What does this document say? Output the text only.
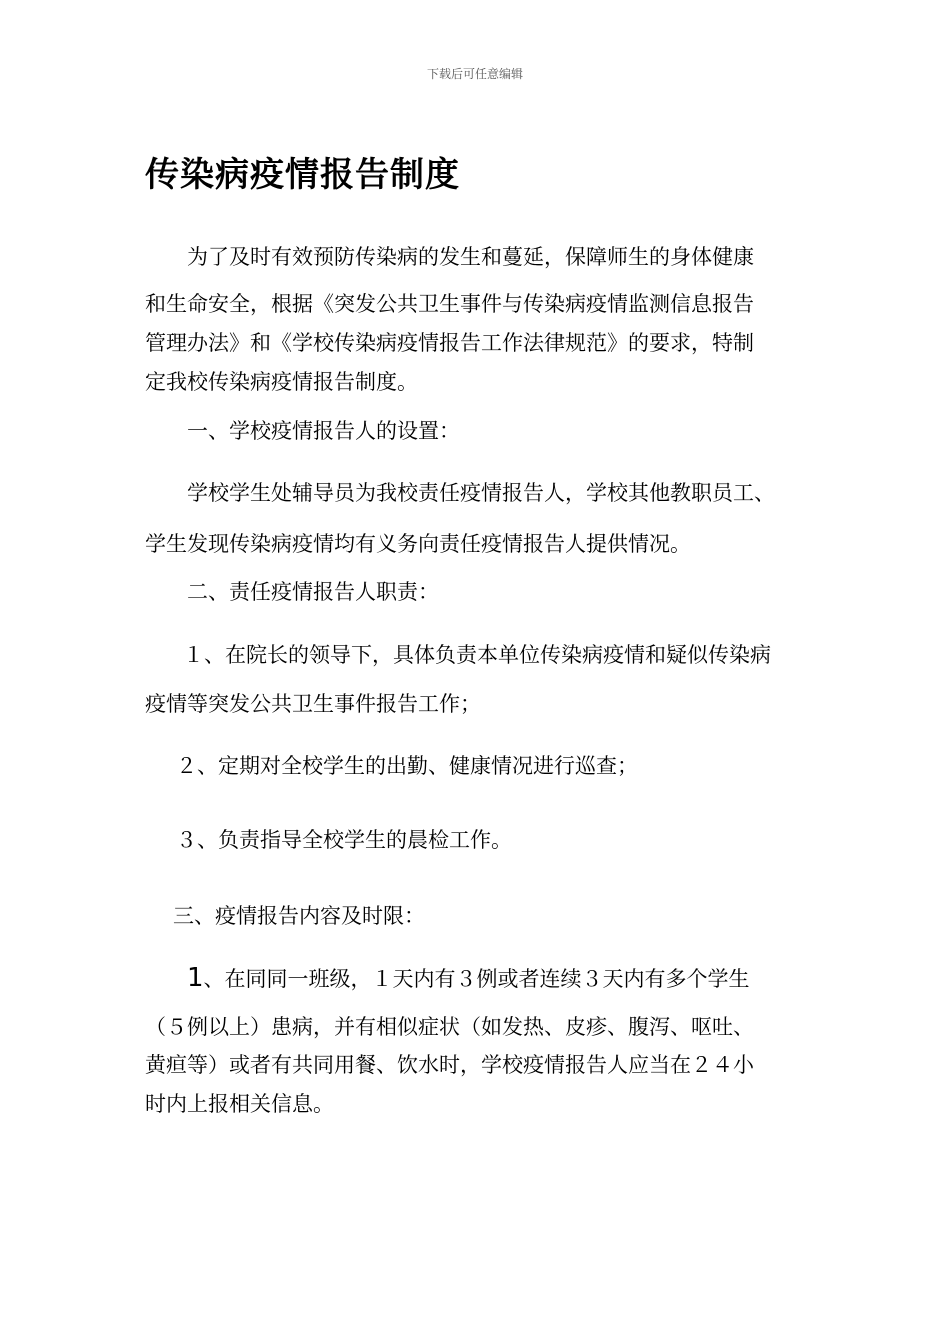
下载后可任意编辑
传染病疫情报告制度
为了及时有效预防传染病的发生和蔓延，保障师生的身体健康
和生命安全，根据《突发公共卫生事件与传染病疫情监测信息报告
管理办法》和《学校传染病疫情报告工作法律规范》的要求，特制
定我校传染病疫情报告制度。
一、学校疫情报告人的设置：
学校学生处辅导员为我校责任疫情报告人，学校其他教职员工、
学生发现传染病疫情均有义务向责任疫情报告人提供情况。
二、责任疫情报告人职责：
１、在院长的领导下，具体负责本单位传染病疫情和疑似传染病
疫情等突发公共卫生事件报告工作；
２、定期对全校学生的出勤、健康情况进行巡查；
３、负责指导全校学生的晨检工作。
三、疫情报告内容及时限：
1、在同同一班级，１天内有３例或者连续３天内有多个学生
（５例以上）患病，并有相似症状（如发热、皮疹、腹泻、呕吐、
黄疸等）或者有共同用餐、饮水时，学校疫情报告人应当在２４小
时内上报相关信息。
